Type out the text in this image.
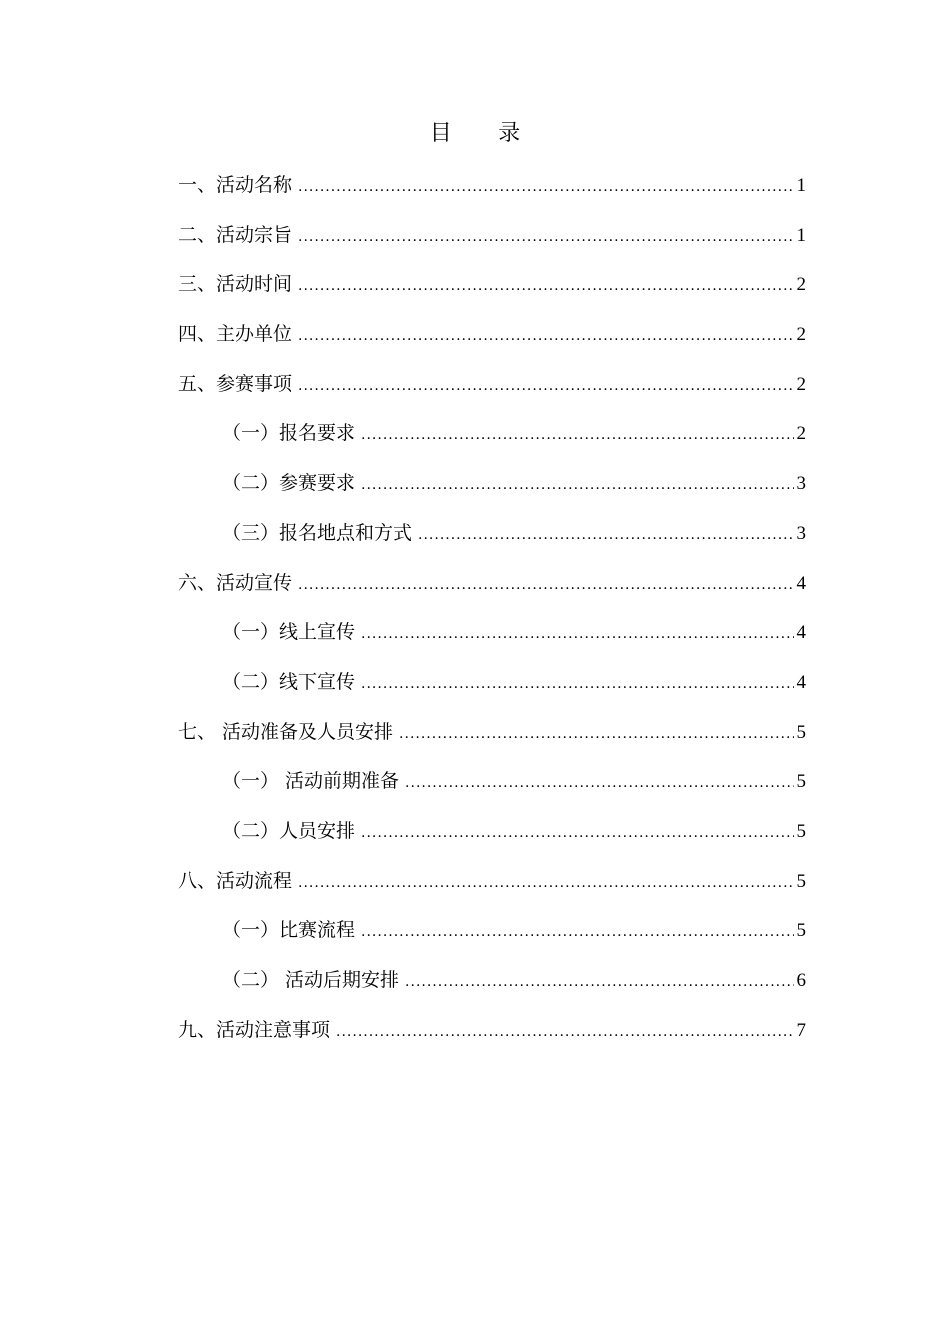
目 录
一、活动名称 .....	1
二、活动宗旨 .....	1
三、活动时间 .....	2
四、主办单位 .....	2
五、参赛事项 .....	2
（一）报名要求 .....	2
（二）参赛要求 .....	3
（三）报名地点和方式 .....	3
六、活动宣传 .....	4
（一）线上宣传 .....	4
（二）线下宣传 .....	4
七、 活动准备及人员安排 .....	5
（一） 活动前期准备 .....	5
（二）人员安排 .....	5
八、活动流程 .....	5
（一）比赛流程 .....	5
（二） 活动后期安排 .....	6
九、活动注意事项 .....	7
